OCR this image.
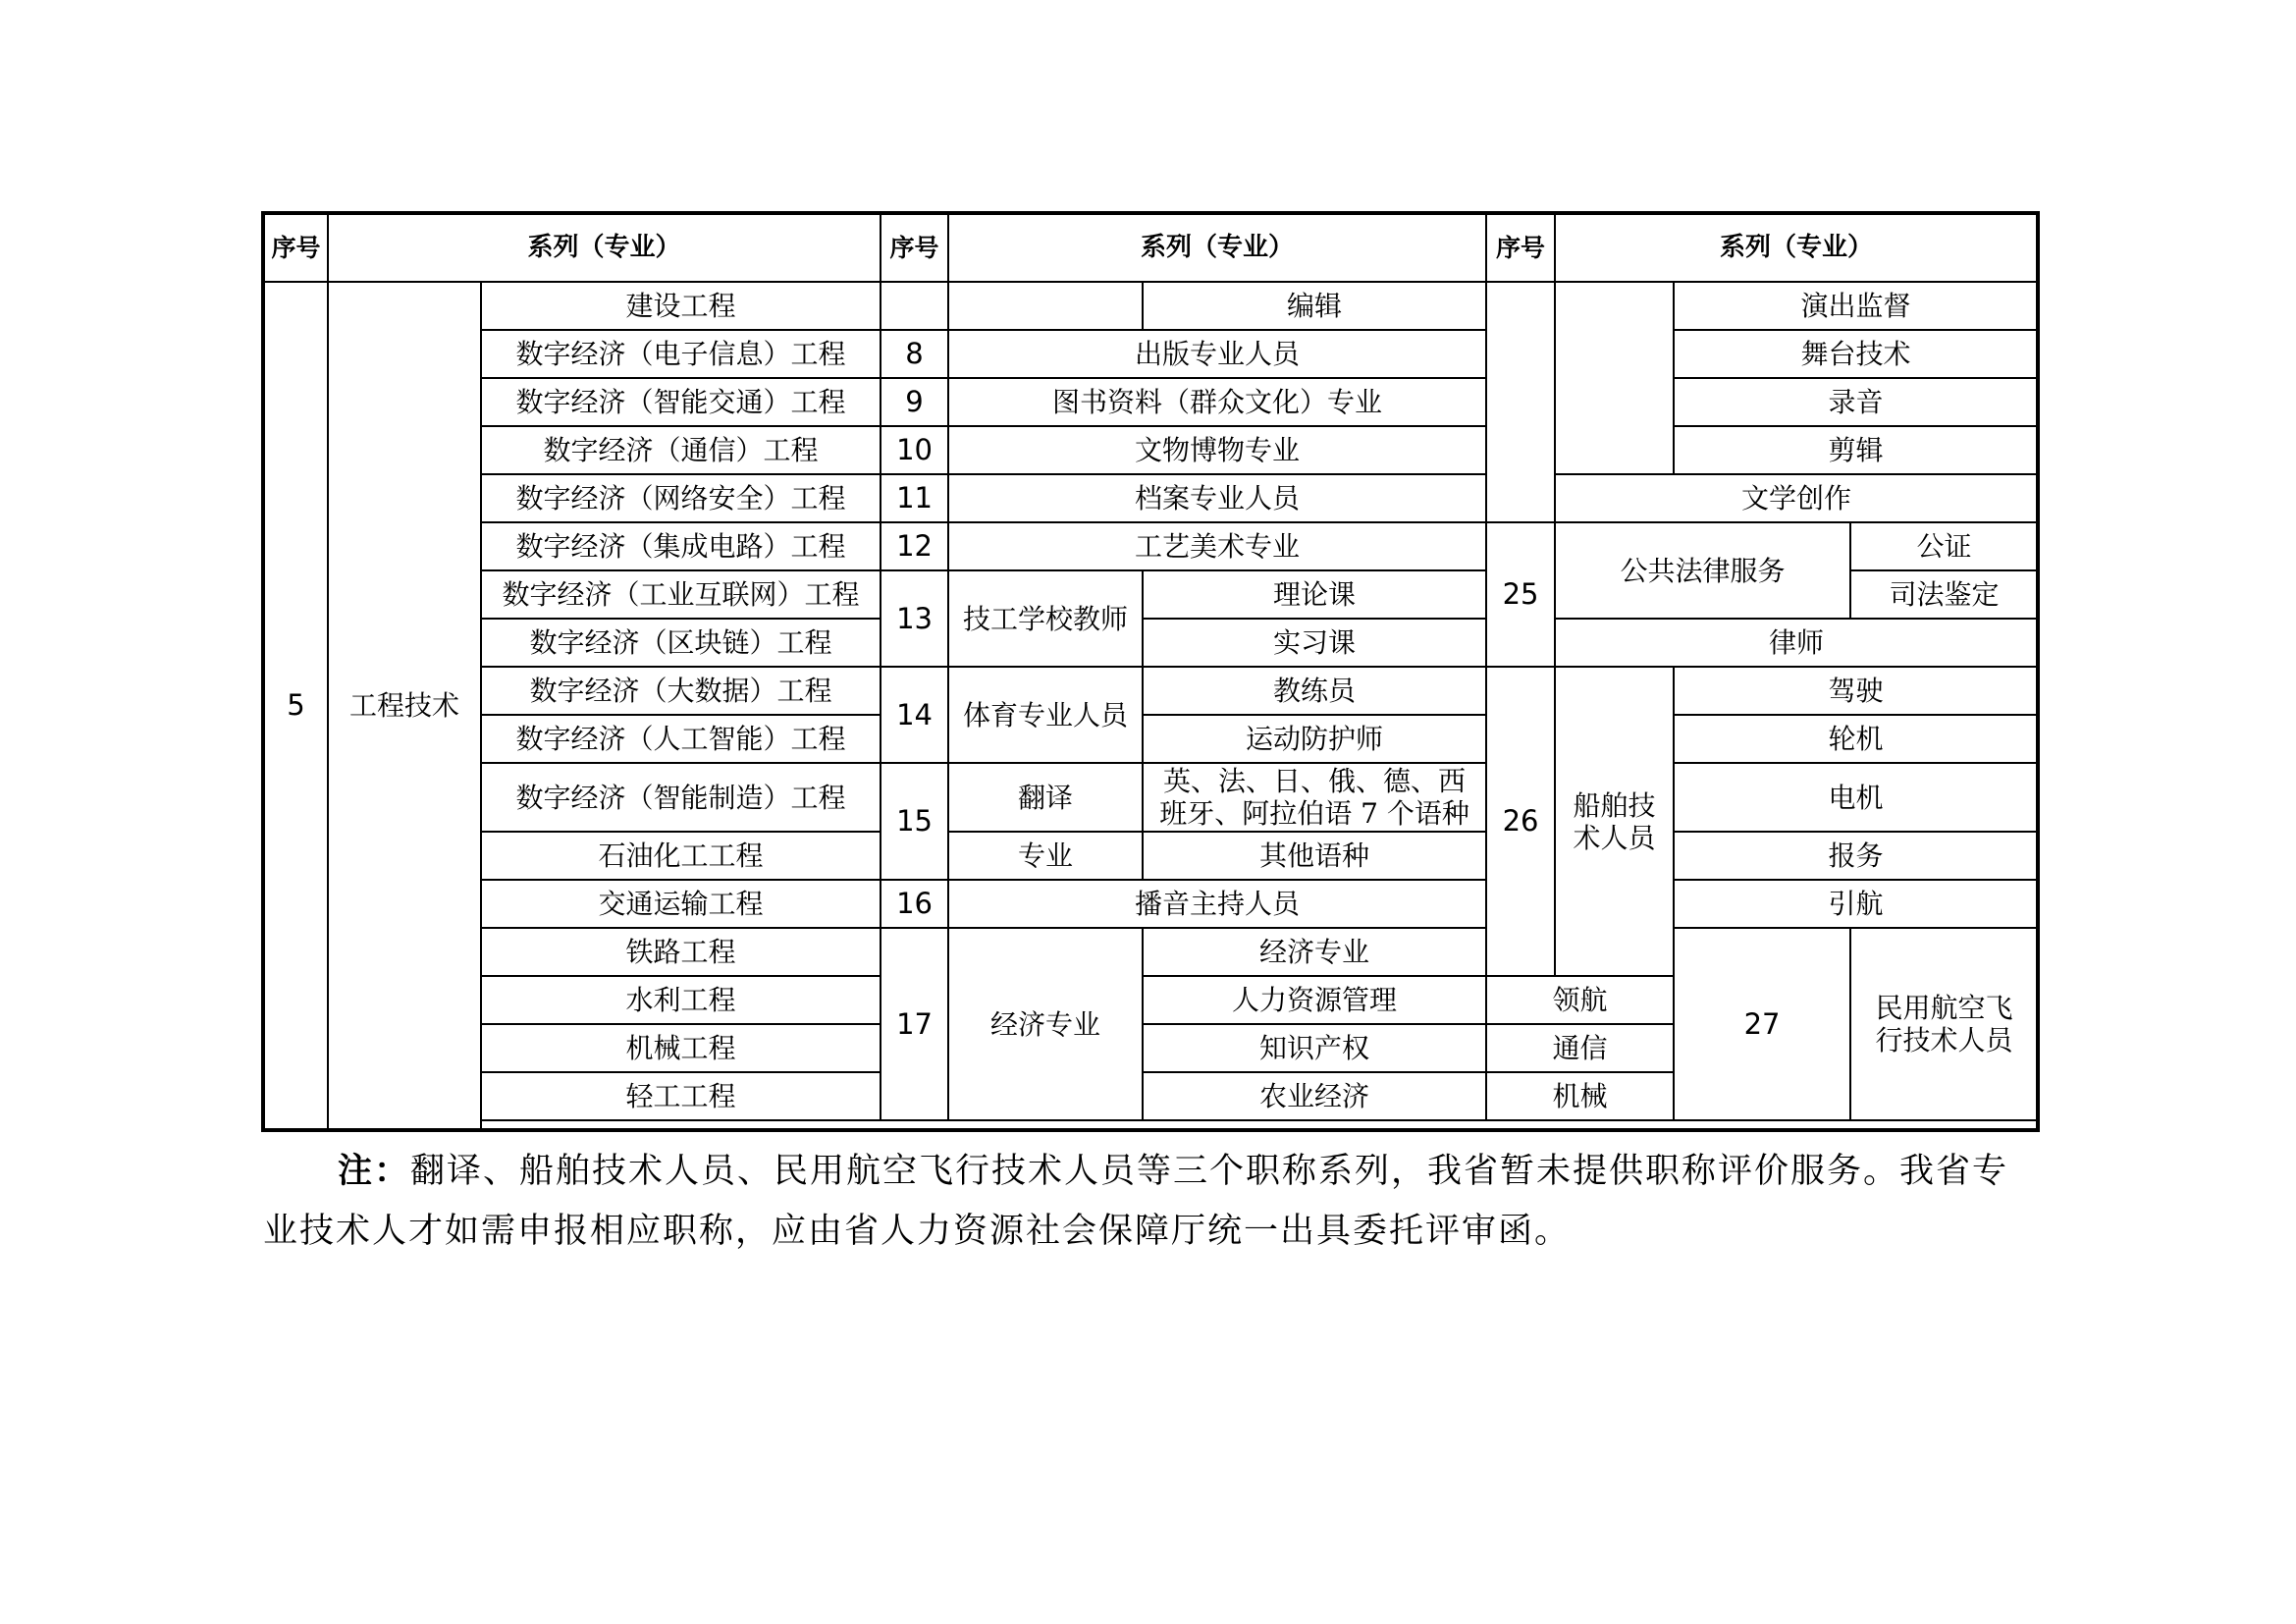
序号	系列（专业）		序号	系列（专业）		序号	系列（专业）			
5	工程技术	建设工程			编辑			演出监督		
		数字经济（电子信息）工程	8	出版专业人员				舞台技术		
		数字经济（智能交通）工程	9	图书资料（群众文化）专业				录音		
		数字经济（通信）工程	10	文物博物专业				剪辑		
		数字经济（网络安全）工程	11	档案专业人员			文学创作			
		数字经济（集成电路）工程	12	工艺美术专业		25	公共法律服务		公证	
		数字经济（工业互联网）工程	13	技工学校教师	理论课				司法鉴定	
		数字经济（区块链）工程			实习课		律师			
		数字经济（大数据）工程	14	体育专业人员	教练员	26	船舶技术人员	驾驶		
		数字经济（人工智能）工程			运动防护师			轮机		
		数字经济（智能制造）工程	15	翻译	英、法、日、俄、德、西班牙、阿拉伯语 7 个语种			电机		
		石油化工工程		专业	其他语种			报务		
		交通运输工程	16	播音主持人员				引航		
		铁路工程	17	经济专业	经济专业			27	民用航空飞行技术人员	
		水利工程			人力资源管理	领航				
		机械工程			知识产权	通信				
		轻工工程			农业经济	机械				

注：翻译、船舶技术人员、民用航空飞行技术人员等三个职称系列，我省暂未提供职称评价服务。我省专业技术人才如需申报相应职称，应由省人力资源社会保障厅统一出具委托评审函。
